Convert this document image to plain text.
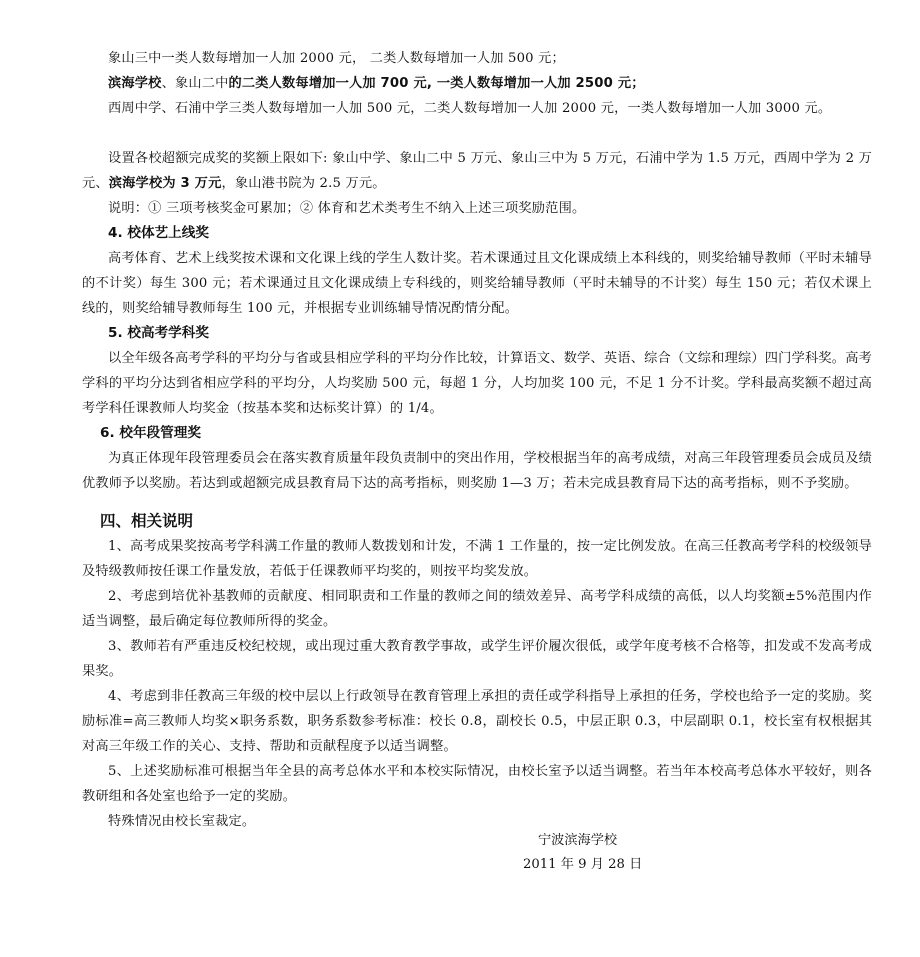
象山三中一类人数每增加一人加 2000 元， 二类人数每增加一人加 500 元；

滨海学校、象山二中的二类人数每增加一人加 700 元, 一类人数每增加一人加 2500 元；

西周中学、石浦中学三类人数每增加一人加 500 元，二类人数每增加一人加 2000 元，一类人数每增加一人加 3000 元。

设置各校超额完成奖的奖额上限如下: 象山中学、象山二中 5 万元、象山三中为 5 万元，石浦中学为 1.5 万元，西周中学为 2 万元、滨海学校为 3 万元，象山港书院为 2.5 万元。

说明：① 三项考核奖金可累加；② 体育和艺术类考生不纳入上述三项奖励范围。

4. 校体艺上线奖

高考体育、艺术上线奖按术课和文化课上线的学生人数计奖。若术课通过且文化课成绩上本科线的，则奖给辅导教师（平时未辅导的不计奖）每生 300 元；若术课通过且文化课成绩上专科线的，则奖给辅导教师（平时未辅导的不计奖）每生 150 元；若仅术课上线的，则奖给辅导教师每生 100 元，并根据专业训练辅导情况酌情分配。

5. 校高考学科奖

以全年级各高考学科的平均分与省或县相应学科的平均分作比较，计算语文、数学、英语、综合（文综和理综）四门学科奖。高考学科的平均分达到省相应学科的平均分，人均奖励 500 元，每超 1 分，人均加奖 100 元，不足 1 分不计奖。学科最高奖额不超过高考学科任课教师人均奖金（按基本奖和达标奖计算）的 1/4。

6. 校年段管理奖

为真正体现年段管理委员会在落实教育质量年段负责制中的突出作用，学校根据当年的高考成绩，对高三年段管理委员会成员及绩优教师予以奖励。若达到或超额完成县教育局下达的高考指标，则奖励 1—3 万；若未完成县教育局下达的高考指标，则不予奖励。

四、相关说明

1、高考成果奖按高考学科满工作量的教师人数拨划和计发，不满 1 工作量的，按一定比例发放。在高三任教高考学科的校级领导及特级教师按任课工作量发放，若低于任课教师平均奖的，则按平均奖发放。

2、考虑到培优补基教师的贡献度、相同职责和工作量的教师之间的绩效差异、高考学科成绩的高低，以人均奖额±5%范围内作适当调整，最后确定每位教师所得的奖金。

3、教师若有严重违反校纪校规，或出现过重大教育教学事故，或学生评价履次很低，或学年度考核不合格等，扣发或不发高考成果奖。

4、考虑到非任教高三年级的校中层以上行政领导在教育管理上承担的责任或学科指导上承担的任务，学校也给予一定的奖励。奖励标准=高三教师人均奖×职务系数，职务系数参考标准：校长 0.8，副校长 0.5，中层正职 0.3，中层副职 0.1，校长室有权根据其对高三年级工作的关心、支持、帮助和贡献程度予以适当调整。

5、上述奖励标准可根据当年全县的高考总体水平和本校实际情况，由校长室予以适当调整。若当年本校高考总体水平较好，则各教研组和各处室也给予一定的奖励。

特殊情况由校长室裁定。

宁波滨海学校

2011 年 9 月 28 日
